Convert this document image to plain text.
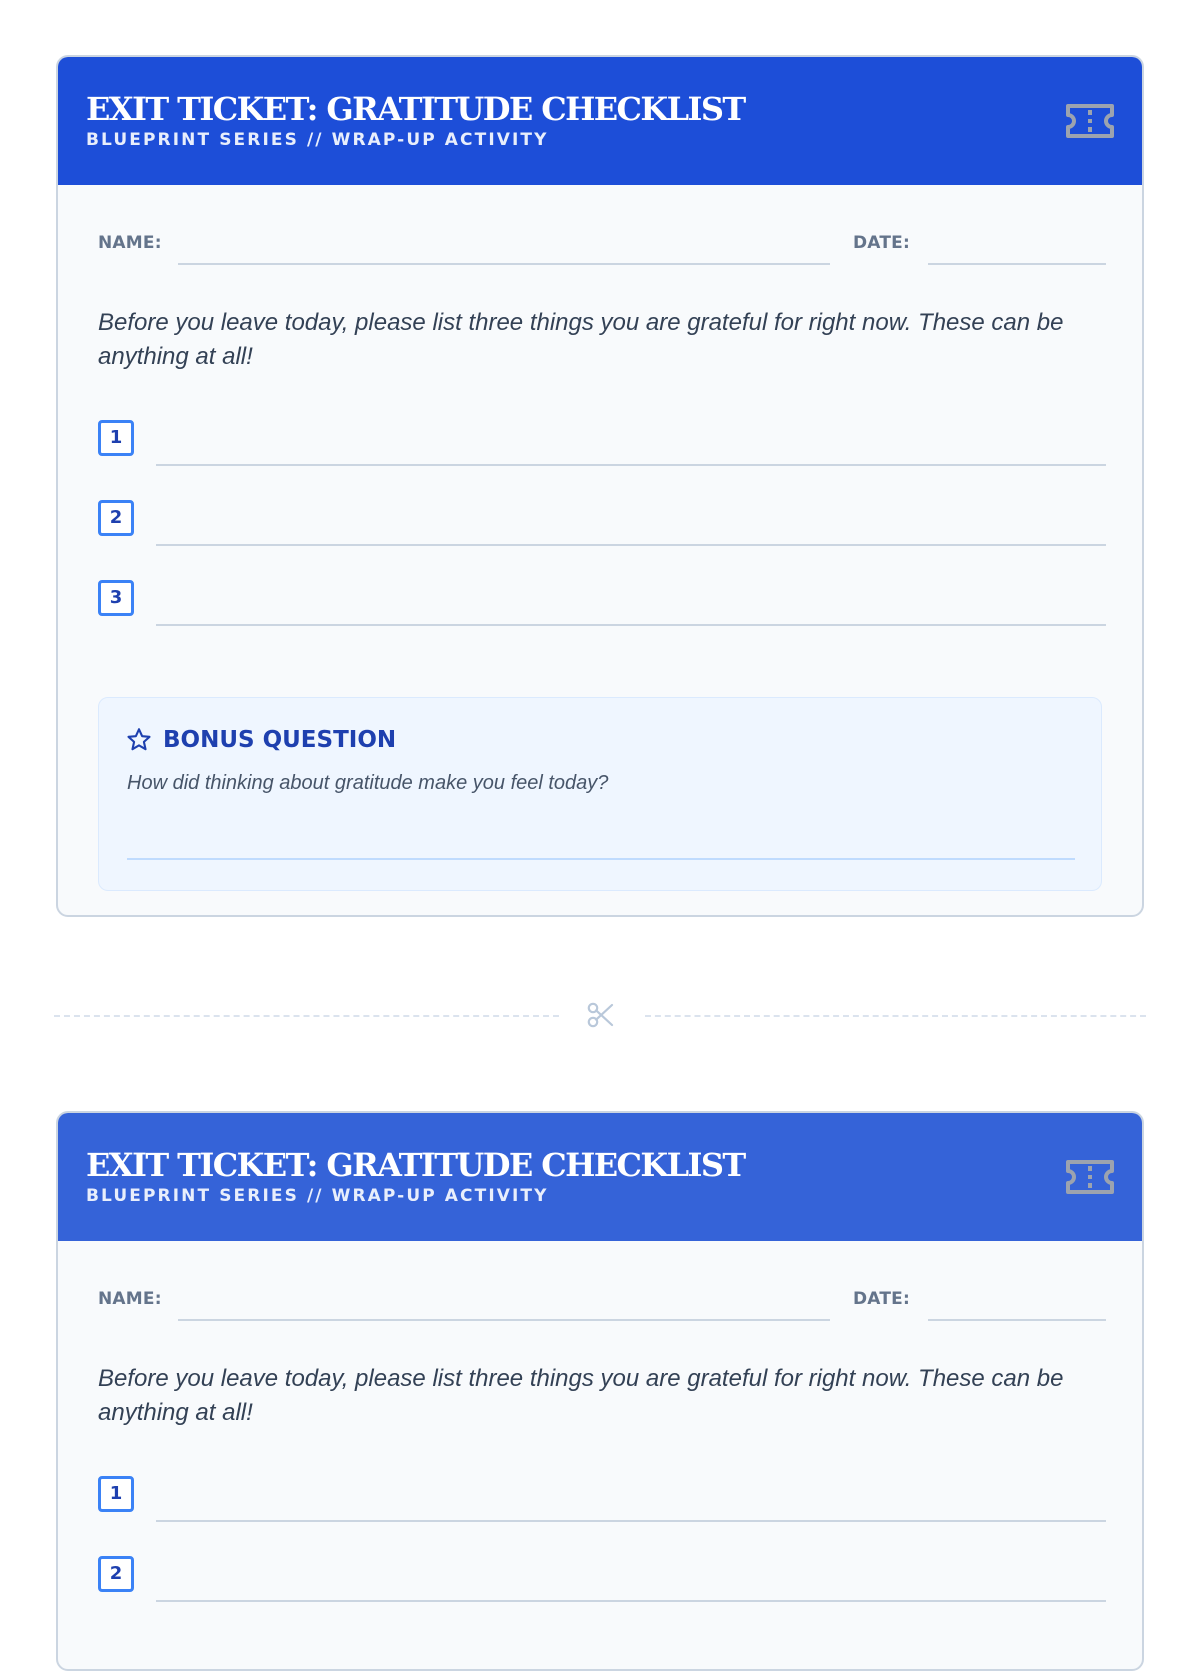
EXIT TICKET: GRATITUDE CHECKLIST
BLUEPRINT SERIES // WRAP-UP ACTIVITY
NAME:	DATE:

Before you leave today, please list three things you are grateful for right now. These can be anything at all!

1
2
3
BONUS QUESTION
How did thinking about gratitude make you feel today?
EXIT TICKET: GRATITUDE CHECKLIST
BLUEPRINT SERIES // WRAP-UP ACTIVITY
NAME:	DATE:

Before you leave today, please list three things you are grateful for right now. These can be anything at all!

1
2
